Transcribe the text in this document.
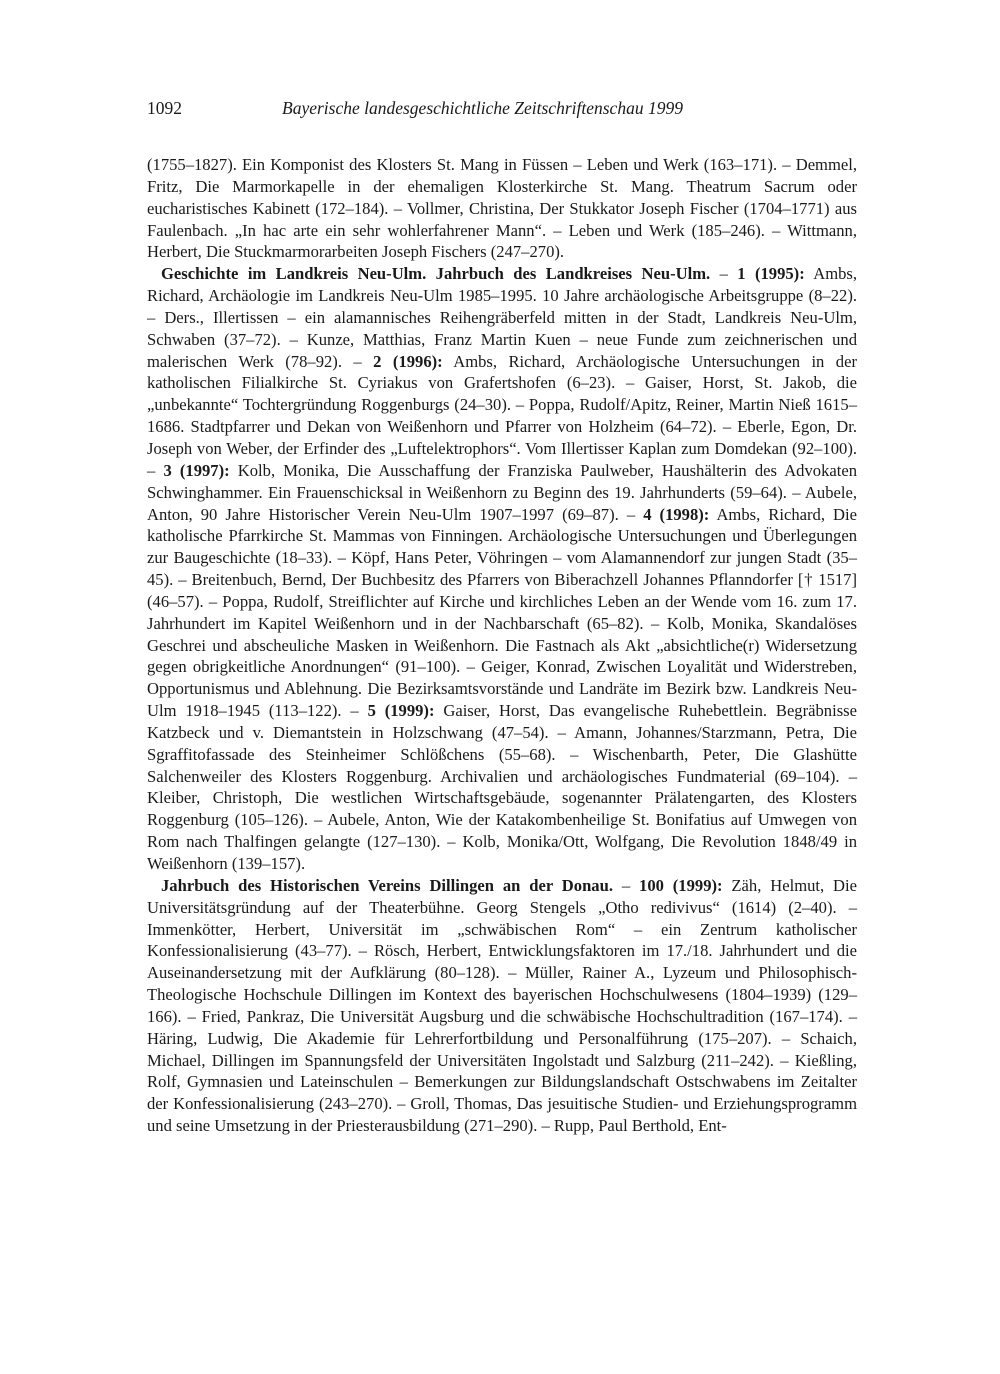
1092	Bayerische landesgeschichtliche Zeitschriftenschau 1999

(1755–1827). Ein Komponist des Klosters St. Mang in Füssen – Leben und Werk (163–171). – Demmel, Fritz, Die Marmorkapelle in der ehemaligen Klosterkirche St. Mang. Theatrum Sacrum oder eucharistisches Kabinett (172–184). – Vollmer, Christina, Der Stukkator Joseph Fischer (1704–1771) aus Faulenbach. „In hac arte ein sehr wohlerfahrener Mann“. – Leben und Werk (185–246). – Wittmann, Herbert, Die Stuckmarmorarbeiten Joseph Fischers (247–270).

Geschichte im Landkreis Neu-Ulm. Jahrbuch des Landkreises Neu-Ulm. – 1 (1995): Ambs, Richard, Archäologie im Landkreis Neu-Ulm 1985–1995. 10 Jahre archäologische Arbeitsgruppe (8–22). – Ders., Illertissen – ein alamannisches Reihengräberfeld mitten in der Stadt, Landkreis Neu-Ulm, Schwaben (37–72). – Kunze, Matthias, Franz Martin Kuen – neue Funde zum zeichnerischen und malerischen Werk (78–92). – 2 (1996): Ambs, Richard, Archäologische Untersuchungen in der katholischen Filialkirche St. Cyriakus von Grafertshofen (6–23). – Gaiser, Horst, St. Jakob, die „unbekannte“ Tochtergründung Roggenburgs (24–30). – Poppa, Rudolf/Apitz, Reiner, Martin Nieß 1615–1686. Stadtpfarrer und Dekan von Weißenhorn und Pfarrer von Holzheim (64–72). – Eberle, Egon, Dr. Joseph von Weber, der Erfinder des „Luftelektrophors“. Vom Illertisser Kaplan zum Domdekan (92–100). – 3 (1997): Kolb, Monika, Die Ausschaffung der Franziska Paulweber, Haushälterin des Advokaten Schwinghammer. Ein Frauenschicksal in Weißenhorn zu Beginn des 19. Jahrhunderts (59–64). – Aubele, Anton, 90 Jahre Historischer Verein Neu-Ulm 1907–1997 (69–87). – 4 (1998): Ambs, Richard, Die katholische Pfarrkirche St. Mammas von Finningen. Archäologische Untersuchungen und Überlegungen zur Baugeschichte (18–33). – Köpf, Hans Peter, Vöhringen – vom Alamannendorf zur jungen Stadt (35–45). – Breitenbuch, Bernd, Der Buchbesitz des Pfarrers von Biberachzell Johannes Pflanndorfer [† 1517] (46–57). – Poppa, Rudolf, Streiflichter auf Kirche und kirchliches Leben an der Wende vom 16. zum 17. Jahrhundert im Kapitel Weißenhorn und in der Nachbarschaft (65–82). – Kolb, Monika, Skandalöses Geschrei und abscheuliche Masken in Weißenhorn. Die Fastnach als Akt „absichtliche(r) Widersetzung gegen obrigkeitliche Anordnungen“ (91–100). – Geiger, Konrad, Zwischen Loyalität und Widerstreben, Opportunismus und Ablehnung. Die Bezirksamtsvorstände und Landräte im Bezirk bzw. Landkreis Neu-Ulm 1918–1945 (113–122). – 5 (1999): Gaiser, Horst, Das evangelische Ruhebettlein. Begräbnisse Katzbeck und v. Diemantstein in Holzschwang (47–54). – Amann, Johannes/Starzmann, Petra, Die Sgraffitofassade des Steinheimer Schlößchens (55–68). – Wischenbarth, Peter, Die Glashütte Salchenweiler des Klosters Roggenburg. Archivalien und archäologisches Fundmaterial (69–104). – Kleiber, Christoph, Die westlichen Wirtschaftsgebäude, sogenannter Prälatengarten, des Klosters Roggenburg (105–126). – Aubele, Anton, Wie der Katakombenheilige St. Bonifatius auf Umwegen von Rom nach Thalfingen gelangte (127–130). – Kolb, Monika/Ott, Wolfgang, Die Revolution 1848/49 in Weißenhorn (139–157).

Jahrbuch des Historischen Vereins Dillingen an der Donau. – 100 (1999): Zäh, Helmut, Die Universitätsgründung auf der Theaterbühne. Georg Stengels „Otho redivivus“ (1614) (2–40). – Immenkötter, Herbert, Universität im „schwäbischen Rom“ – ein Zentrum katholischer Konfessionalisierung (43–77). – Rösch, Herbert, Entwicklungsfaktoren im 17./18. Jahrhundert und die Auseinandersetzung mit der Aufklärung (80–128). – Müller, Rainer A., Lyzeum und Philosophisch-Theologische Hochschule Dillingen im Kontext des bayerischen Hochschulwesens (1804–1939) (129–166). – Fried, Pankraz, Die Universität Augsburg und die schwäbische Hochschultradition (167–174). – Häring, Ludwig, Die Akademie für Lehrerfortbildung und Personalführung (175–207). – Schaich, Michael, Dillingen im Spannungsfeld der Universitäten Ingolstadt und Salzburg (211–242). – Kießling, Rolf, Gymnasien und Lateinschulen – Bemerkungen zur Bildungslandschaft Ostschwabens im Zeitalter der Konfessionalisierung (243–270). – Groll, Thomas, Das jesuitische Studien- und Erziehungsprogramm und seine Umsetzung in der Priesterausbildung (271–290). – Rupp, Paul Berthold, Ent-
